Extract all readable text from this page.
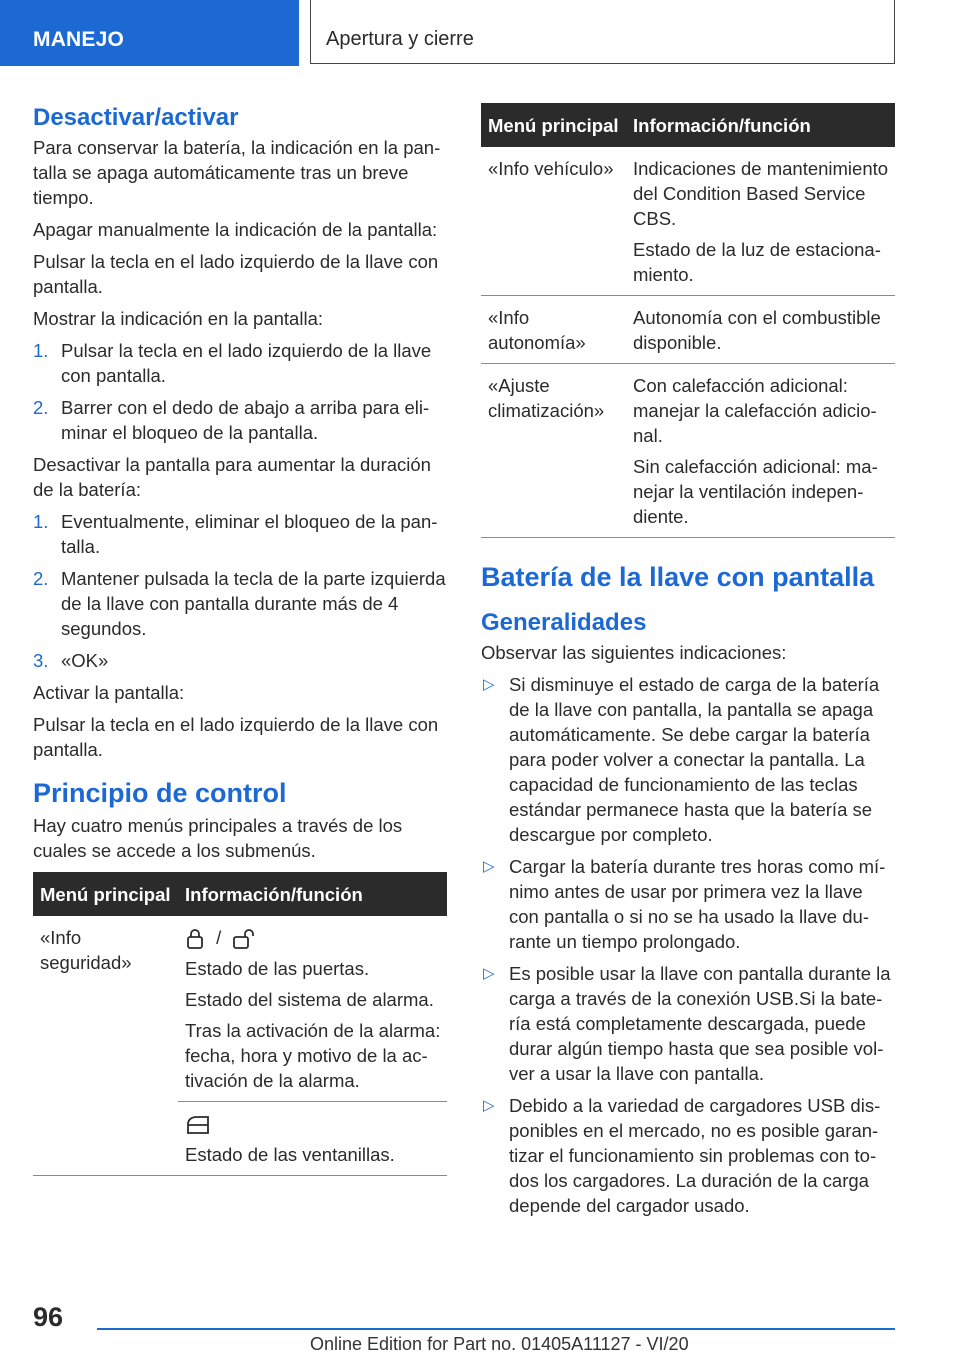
MANEJO	Apertura y cierre
Desactivar/activar

Para conservar la batería, la indicación en la pantalla se apaga automáticamente tras un breve tiempo.

Apagar manualmente la indicación de la pantalla:

Pulsar la tecla en el lado izquierdo de la llave con pantalla.

Mostrar la indicación en la pantalla:

1. Pulsar la tecla en el lado izquierdo de la llave con pantalla.
2. Barrer con el dedo de abajo a arriba para eliminar el bloqueo de la pantalla.

Desactivar la pantalla para aumentar la duración de la batería:

1. Eventualmente, eliminar el bloqueo de la pantalla.
2. Mantener pulsada la tecla de la parte izquierda de la llave con pantalla durante más de 4 segundos.
3. «OK»

Activar la pantalla:

Pulsar la tecla en el lado izquierdo de la llave con pantalla.

Principio de control

Hay cuatro menús principales a través de los cuales se accede a los submenús.

Menú principal	Información/función
«Info seguridad»	/

Estado de las puertas.

Estado del sistema de alarma.

Tras la activación de la alarma: fecha, hora y motivo de la activación de la alarma.

	Estado de las ventanillas.

Menú principal	Información/función
«Info vehículo»	Indicaciones de mantenimiento del Condition Based Service CBS.

Estado de la luz de estacionamiento.

«Info autonomía»	Autonomía con el combustible disponible.

«Ajuste climatización»	Con calefacción adicional: manejar la calefacción adicional.

Sin calefacción adicional: manejar la ventilación independiente.

Batería de la llave con pantalla
Generalidades

Observar las siguientes indicaciones:

▷ Si disminuye el estado de carga de la batería de la llave con pantalla, la pantalla se apaga automáticamente. Se debe cargar la batería para poder volver a conectar la pantalla. La capacidad de funcionamiento de las teclas estándar permanece hasta que la batería se descargue por completo.
▷ Cargar la batería durante tres horas como mínimo antes de usar por primera vez la llave con pantalla o si no se ha usado la llave durante un tiempo prolongado.
▷ Es posible usar la llave con pantalla durante la carga a través de la conexión USB.Si la batería está completamente descargada, puede durar algún tiempo hasta que sea posible volver a usar la llave con pantalla.
▷ Debido a la variedad de cargadores USB disponibles en el mercado, no es posible garantizar el funcionamiento sin problemas con todos los cargadores. La duración de la carga depende del cargador usado.
96
Online Edition for Part no. 01405A11127 - VI/20
